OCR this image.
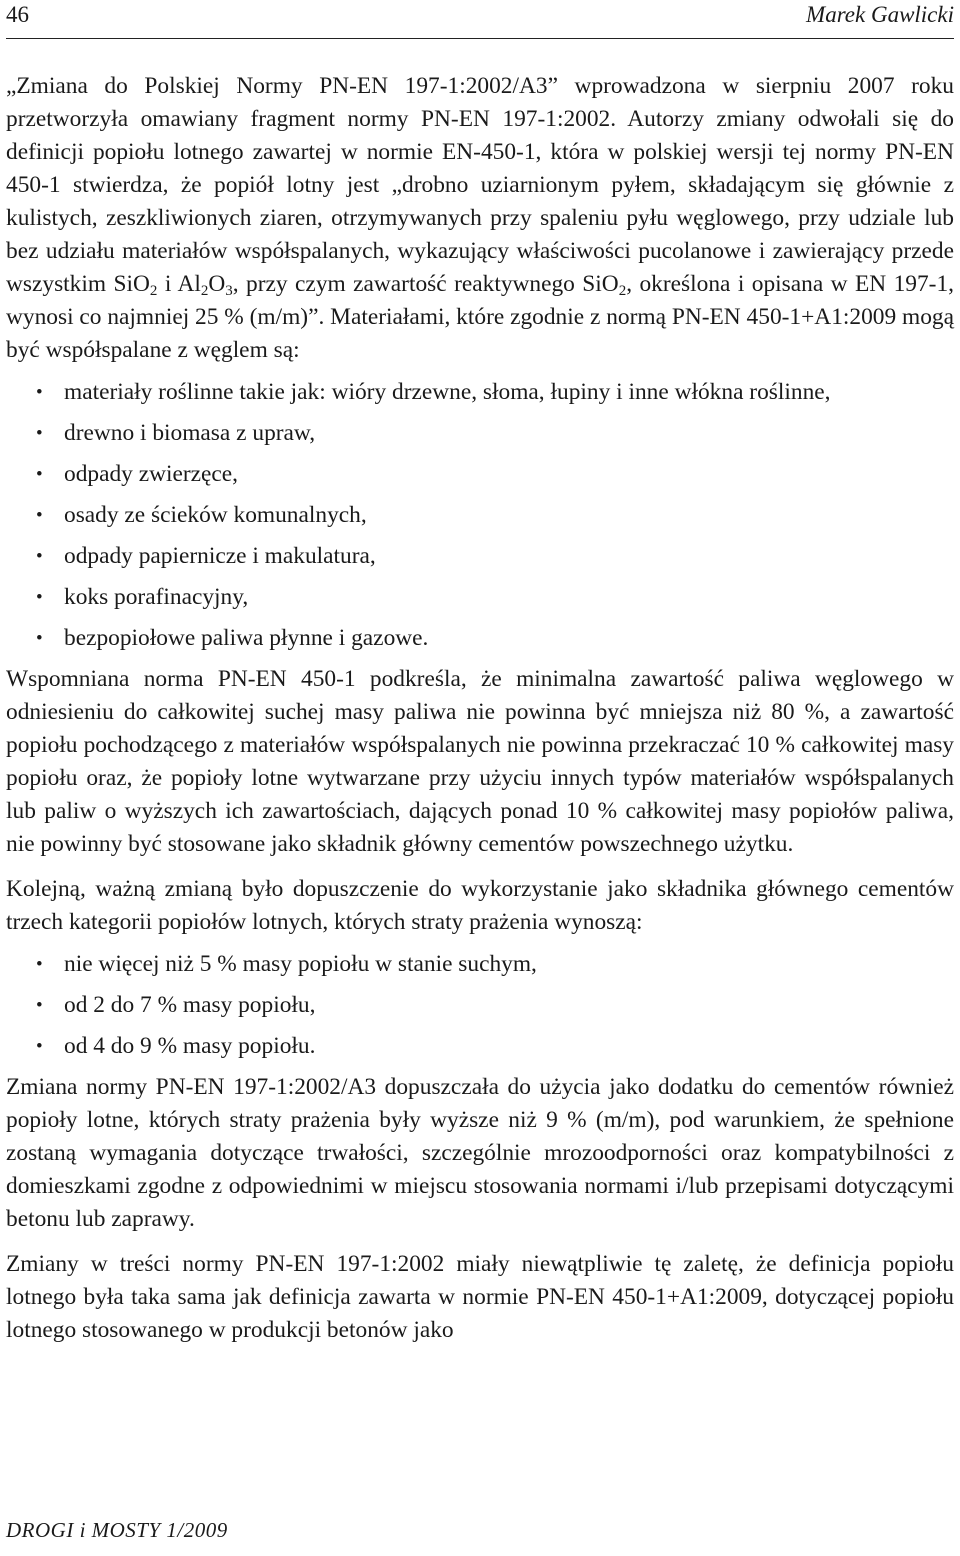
46	Marek Gawlicki

„Zmiana do Polskiej Normy PN-EN 197-1:2002/A3” wprowadzona w sierpniu 2007 roku przetworzyła omawiany fragment normy PN-EN 197-1:2002. Autorzy zmiany odwołali się do definicji popiołu lotnego zawartej w normie EN-450-1, która w polskiej wersji tej normy PN-EN 450-1 stwierdza, że popiół lotny jest „drobno uziarnionym pyłem, składającym się głównie z kulistych, zeszkliwionych ziaren, otrzymywanych przy spaleniu pyłu węglowego, przy udziale lub bez udziału materiałów współspalanych, wykazujący właściwości pucolanowe i zawierający przede wszystkim SiO$_2$ i $Al_2O_3$, przy czym zawartość reaktywnego SiO$_2$, określona i opisana w EN 197-1, wynosi co najmniej 25 % (m/m)”. Materiałami, które zgodnie z normą PN-EN 450-1+A1:2009 mogą być współspalane z węglem są:

• materiały roślinne takie jak: wióry drzewne, słoma, łupiny i inne włókna roślinne,
• drewno i biomasa z upraw,
• odpady zwierzęce,
• osady ze ścieków komunalnych,
• odpady papiernicze i makulatura,
• koks porafinacyjny,
• bezpopiołowe paliwa płynne i gazowe.

Wspomniana norma PN-EN 450-1 podkreśla, że minimalna zawartość paliwa węglowego w odniesieniu do całkowitej suchej masy paliwa nie powinna być mniejsza niż 80 %, a zawartość popiołu pochodzącego z materiałów współspalanych nie powinna przekraczać 10 % całkowitej masy popiołu oraz, że popioły lotne wytwarzane przy użyciu innych typów materiałów współspalanych lub paliw o wyższych ich zawartościach, dających ponad 10 % całkowitej masy popiołów paliwa, nie powinny być stosowane jako składnik główny cementów powszechnego użytku.

Kolejną, ważną zmianą było dopuszczenie do wykorzystanie jako składnika głównego cementów trzech kategorii popiołów lotnych, których straty prażenia wynoszą:

• nie więcej niż 5 % masy popiołu w stanie suchym,
• od 2 do 7 % masy popiołu,
• od 4 do 9 % masy popiołu.

Zmiana normy PN-EN 197-1:2002/A3 dopuszczała do użycia jako dodatku do cementów również popioły lotne, których straty prażenia były wyższe niż 9 % (m/m), pod warunkiem, że spełnione zostaną wymagania dotyczące trwałości, szczególnie mrozoodporności oraz kompatybilności z domieszkami zgodne z odpowiednimi w miejscu stosowania normami i/lub przepisami dotyczącymi betonu lub zaprawy.

Zmiany w treści normy PN-EN 197-1:2002 miały niewątpliwie tę zaletę, że definicja popiołu lotnego była taka sama jak definicja zawarta w normie PN-EN 450-1+A1:2009, dotyczącej popiołu lotnego stosowanego w produkcji betonów jako

DROGI i MOSTY 1/2009
